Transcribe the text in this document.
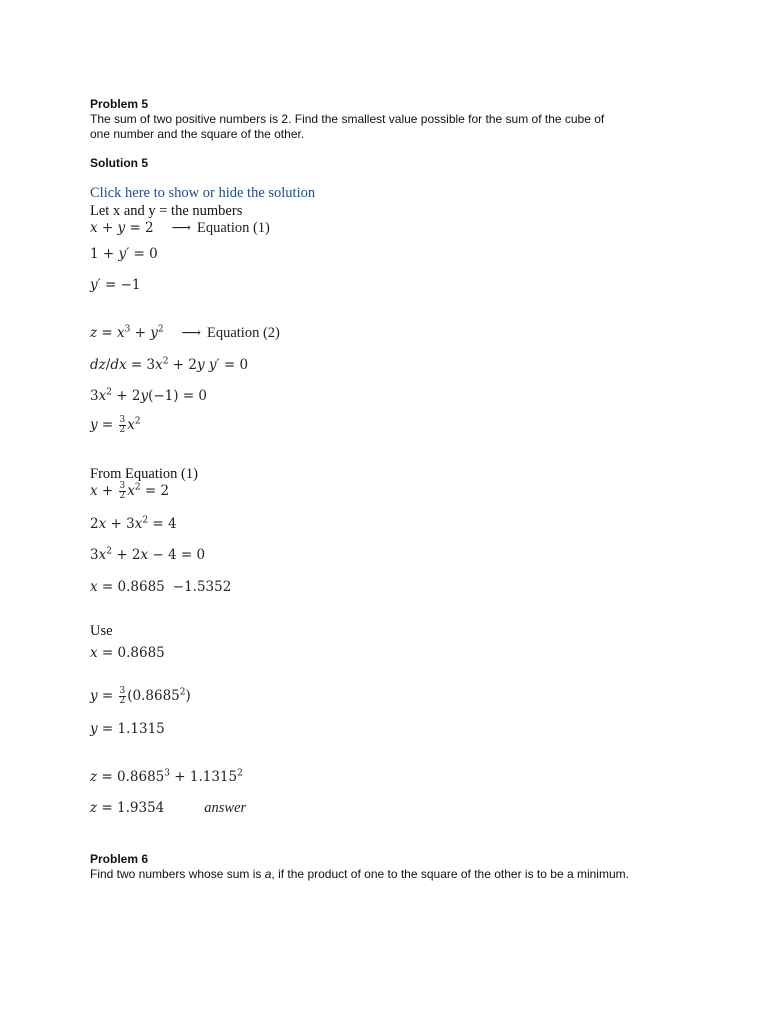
Problem 5
The sum of two positive numbers is 2. Find the smallest value possible for the sum of the cube of
one number and the square of the other.
Solution 5
Click here to show or hide the solution
Let x and y = the numbers
x + y = 2 ⟶ Equation (1)
1 + y′ = 0
y′ = −1
$z = x^3 + y^2$ ⟶ Equation (2)
$dz/dx = 3x^2 + 2y$ y′ = 0
$3x^2 + 2y(-1) = 0$
$y = \frac{3}{2} x^2$
From Equation (1)
$x + \frac{3}{2} x^2 = 2$
$2x + 3x^2 = 4$
$3x^2 + 2x - 4 = 0$
x = 0.8685 −1.5352
Use
x = 0.8685
$y = \frac{3}{2} (0.8685^2)$
y = 1.1315
$z = 0.8685^3 + 1.1315^2$
z = 1.9354	answer
Problem 6
Find two numbers whose sum is a, if the product of one to the square of the other is to be a minimum.
